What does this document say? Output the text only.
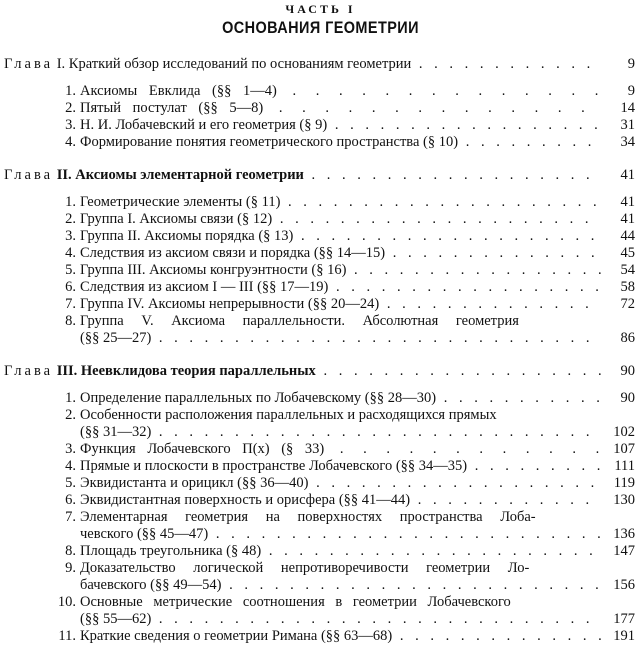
ЧАСТЬ I
ОСНОВАНИЯ ГЕОМЕТРИИ
Глава I. Краткий обзор исследований по основаниям геометрии . . .	9
1. Аксиомы Евклида (§§ 1—4) . . .	9
2. Пятый постулат (§§ 5—8) . . .	14
3. Н. И. Лобачевский и его геометрия (§ 9) . . .	31
4. Формирование понятия геометрического пространства (§ 10) . . .	34
Глава II. Аксиомы элементарной геометрии . . .	41
1. Геометрические элементы (§ 11) . . .	41
2. Группа I. Аксиомы связи (§ 12) . . .	41
3. Группа II. Аксиомы порядка (§ 13) . . .	44
4. Следствия из аксиом связи и порядка (§§ 14—15) . . .	45
5. Группа III. Аксиомы конгруэнтности (§ 16) . . .	54
6. Следствия из аксиом I — III (§§ 17—19) . . .	58
7. Группа IV. Аксиомы непрерывности (§§ 20—24) . . .	72
8. Группа V. Аксиома параллельности. Абсолютная геометрия
(§§ 25—27) . . .	86
Глава III. Неевклидова теория параллельных . . .	90
1. Определение параллельных по Лобачевскому (§§ 28—30) . . .	90
2. Особенности расположения параллельных и расходящихся прямых
(§§ 31—32) . . .	102
3. Функция Лобачевского Π(x) (§ 33) . . .	107
4. Прямые и плоскости в пространстве Лобачевского (§§ 34—35) . . .	111
5. Эквидистанта и орицикл (§§ 36—40) . . .	119
6. Эквидистантная поверхность и орисфера (§§ 41—44) . . .	130
7. Элементарная геометрия на поверхностях пространства Лоба-
чевского (§§ 45—47) . . .	136
8. Площадь треугольника (§ 48) . . .	147
9. Доказательство логической непротиворечивости геометрии Ло-
бачевского (§§ 49—54) . . .	156
10. Основные метрические соотношения в геометрии Лобачевского
(§§ 55—62) . . .	177
11. Краткие сведения о геометрии Римана (§§ 63—68) . . .	191
